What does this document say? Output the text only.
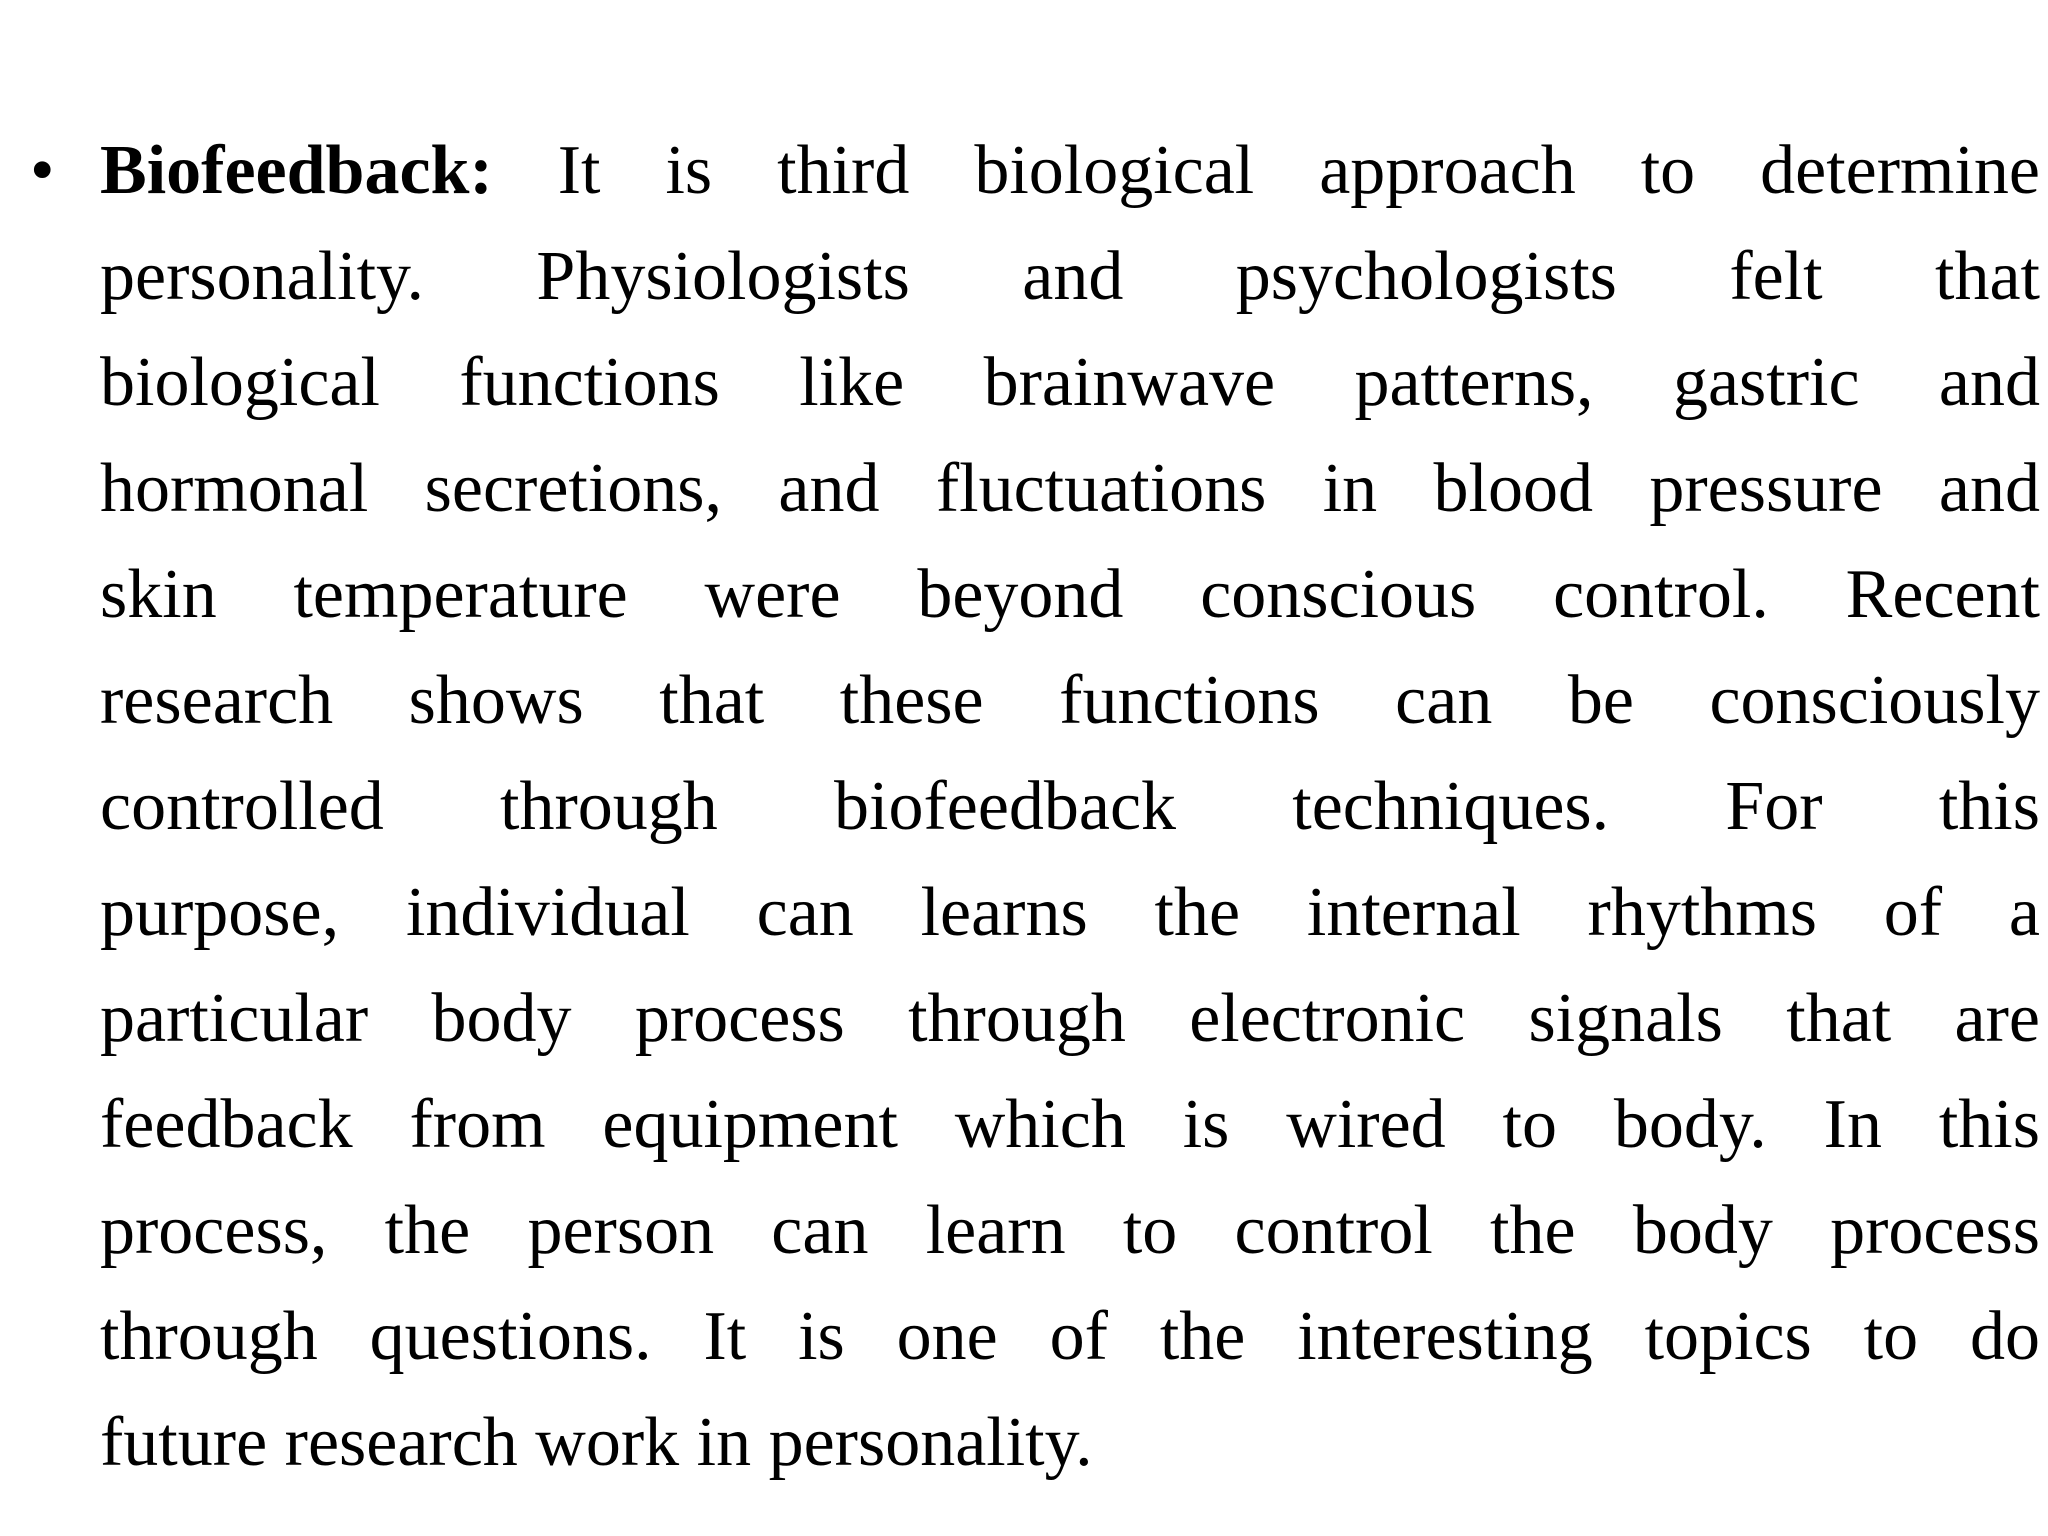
• Biofeedback: It is third biological approach to determine
personality. Physiologists and psychologists felt that
biological functions like brainwave patterns, gastric and
hormonal secretions, and fluctuations in blood pressure and
skin temperature were beyond conscious control. Recent
research shows that these functions can be consciously
controlled through biofeedback techniques. For this
purpose, individual can learns the internal rhythms of a
particular body process through electronic signals that are
feedback from equipment which is wired to body. In this
process, the person can learn to control the body process
through questions. It is one of the interesting topics to do
future research work in personality.
